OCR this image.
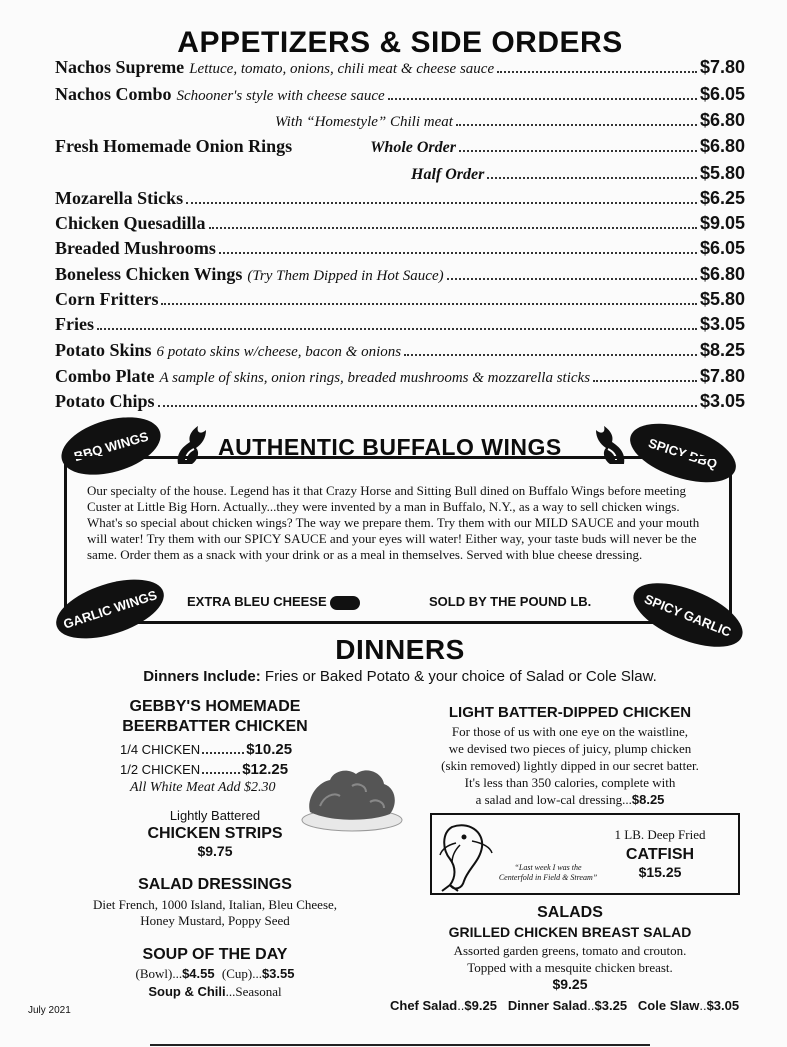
APPETIZERS & SIDE ORDERS
Nachos Supreme Lettuce, tomato, onions, chili meat & cheese sauce	$7.80
Nachos Combo Schooner's style with cheese sauce	$6.05
With “Homestyle” Chili meat	$6.80
Fresh Homemade Onion Rings	Whole Order	$6.80
Half Order	$5.80
Mozarella Sticks	$6.25
Chicken Quesadilla	$9.05
Breaded Mushrooms	$6.05
Boneless Chicken Wings (Try Them Dipped in Hot Sauce)	$6.80
Corn Fritters	$5.80
Fries	$3.05
Potato Skins 6 potato skins w/cheese, bacon & onions	$8.25
Combo Plate A sample of skins, onion rings, breaded mushrooms & mozzarella sticks	$7.80
Potato Chips	$3.05
BBQ WINGS	AUTHENTIC BUFFALO WINGS	SPICY BBQ
Our specialty of the house. Legend has it that Crazy Horse and Sitting Bull dined on Buffalo Wings before meeting Custer at Little Big Horn. Actually...they were invented by a man in Buffalo, N.Y., as a way to sell chicken wings. What's so special about chicken wings? The way we prepare them. Try them with our MILD SAUCE and your mouth will water! Try them with our SPICY SAUCE and your eyes will water! Either way, your taste buds will never be the same. Order them as a snack with your drink or as a meal in themselves. Served with blue cheese dressing.
EXTRA BLEU CHEESE	SOLD BY THE POUND LB.
GARLIC WINGS	SPICY GARLIC
DINNERS
Dinners Include: Fries or Baked Potato & your choice of Salad or Cole Slaw.
GEBBY'S HOMEMADE
BEERBATTER CHICKEN
1/4 CHICKEN	$10.25
1/2 CHICKEN	$12.25
All White Meat Add $2.30
Lightly Battered
CHICKEN STRIPS
$9.75
SALAD DRESSINGS
Diet French, 1000 Island, Italian, Bleu Cheese,
Honey Mustard, Poppy Seed
SOUP OF THE DAY
(Bowl)...$4.55 (Cup)...$3.55
Soup & Chili...Seasonal
LIGHT BATTER-DIPPED CHICKEN
For those of us with one eye on the waistline,
we devised two pieces of juicy, plump chicken
(skin removed) lightly dipped in our secret batter.
It's less than 350 calories, complete with
a salad and low-cal dressing...$8.25
“Last week I was the
Centerfold in Field & Stream”
1 LB. Deep Fried
CATFISH
$15.25
SALADS
GRILLED CHICKEN BREAST SALAD
Assorted garden greens, tomato and crouton.
Topped with a mesquite chicken breast.
$9.25
Chef Salad..$9.25 Dinner Salad..$3.25 Cole Slaw..$3.05
July 2021
